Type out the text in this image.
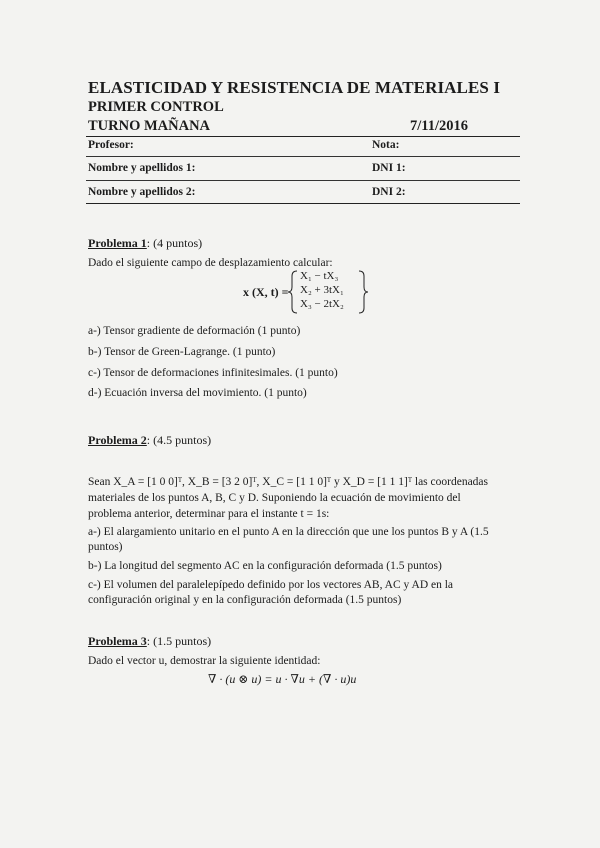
ELASTICIDAD Y RESISTENCIA DE MATERIALES I
PRIMER CONTROL
TURNO MAÑANA	7/11/2016
Profesor:	Nota:
Nombre y apellidos 1:	DNI 1:
Nombre y apellidos 2:	DNI 2:
Problema 1: (4 puntos)
Dado el siguiente campo de desplazamiento calcular:
x (X, t) =
X₁ − tX₃
X₂ + 3tX₁
X₃ − 2tX₂
a-) Tensor gradiente de deformación (1 punto)
b-) Tensor de Green-Lagrange. (1 punto)
c-) Tensor de deformaciones infinitesimales. (1 punto)
d-) Ecuación inversa del movimiento. (1 punto)
Problema 2: (4.5 puntos)
Sean X_A = [1 0 0]ᵀ, X_B = [3 2 0]ᵀ, X_C = [1 1 0]ᵀ y X_D = [1 1 1]ᵀ las coordenadas
materiales de los puntos A, B, C y D. Suponiendo la ecuación de movimiento del
problema anterior, determinar para el instante t = 1s:
a-) El alargamiento unitario en el punto A en la dirección que une los puntos B y A (1.5
puntos)
b-) La longitud del segmento AC en la configuración deformada (1.5 puntos)
c-) El volumen del paralelepípedo definido por los vectores AB, AC y AD en la
configuración original y en la configuración deformada (1.5 puntos)
Problema 3: (1.5 puntos)
Dado el vector u, demostrar la siguiente identidad:
∇ · (u ⊗ u) = u · ∇u + (∇ · u)u
